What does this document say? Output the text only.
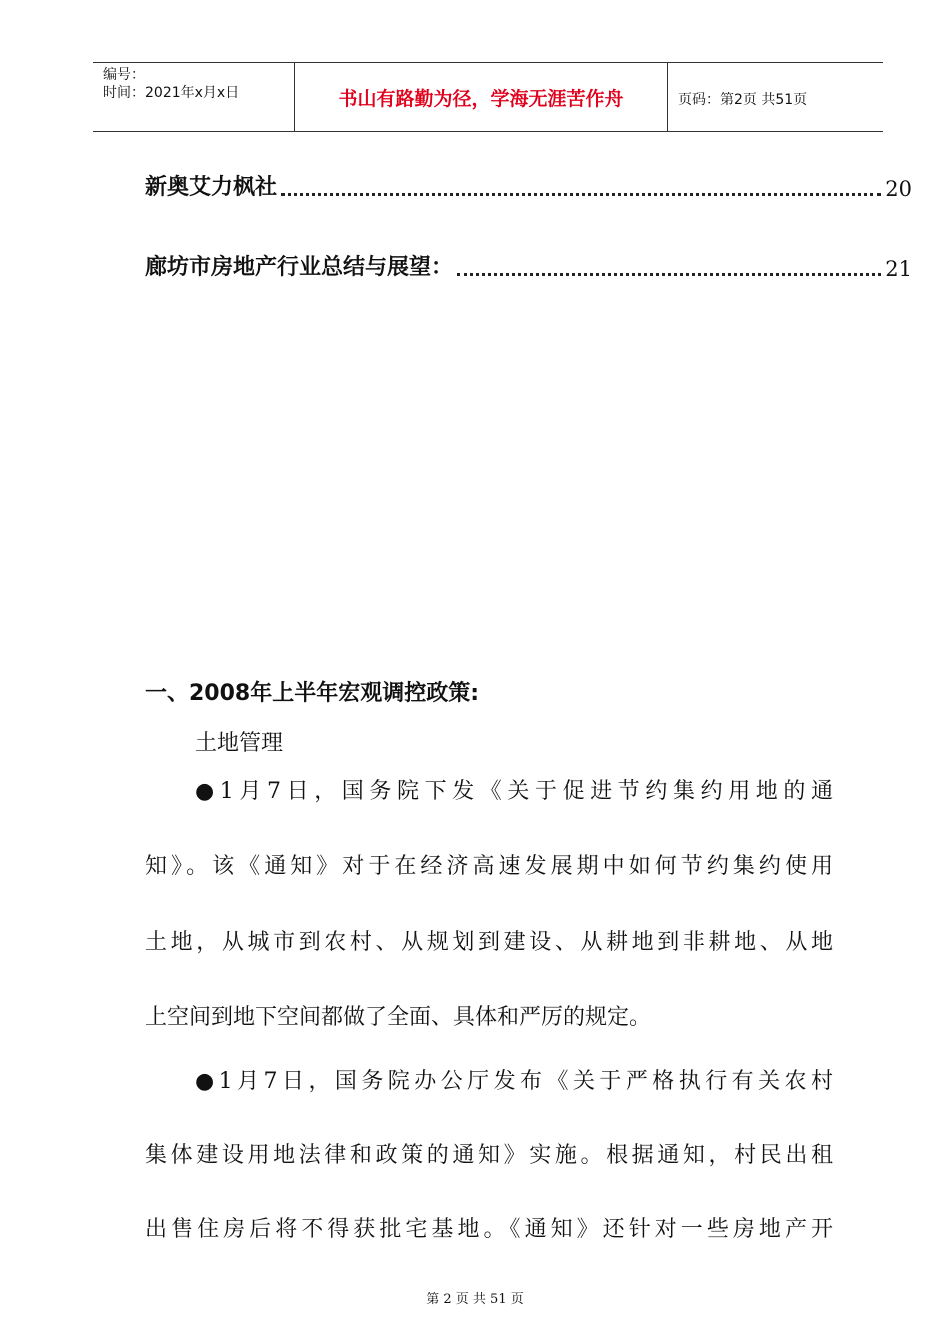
编号：
时间：2021年x月x日	书山有路勤为径，学海无涯苦作舟	页码：第2页 共51页
新奥艾力枫社	20
廊坊市房地产行业总结与展望：	21
一、2008年上半年宏观调控政策:
土地管理
●1月7日，国务院下发《关于促进节约集约用地的通
知》。该《通知》对于在经济高速发展期中如何节约集约使用
土地，从城市到农村、从规划到建设、从耕地到非耕地、从地
上空间到地下空间都做了全面、具体和严厉的规定。
●1月7日，国务院办公厅发布《关于严格执行有关农村
集体建设用地法律和政策的通知》实施。根据通知，村民出租
出售住房后将不得获批宅基地。《通知》还针对一些房地产开
第 2 页 共 51 页
